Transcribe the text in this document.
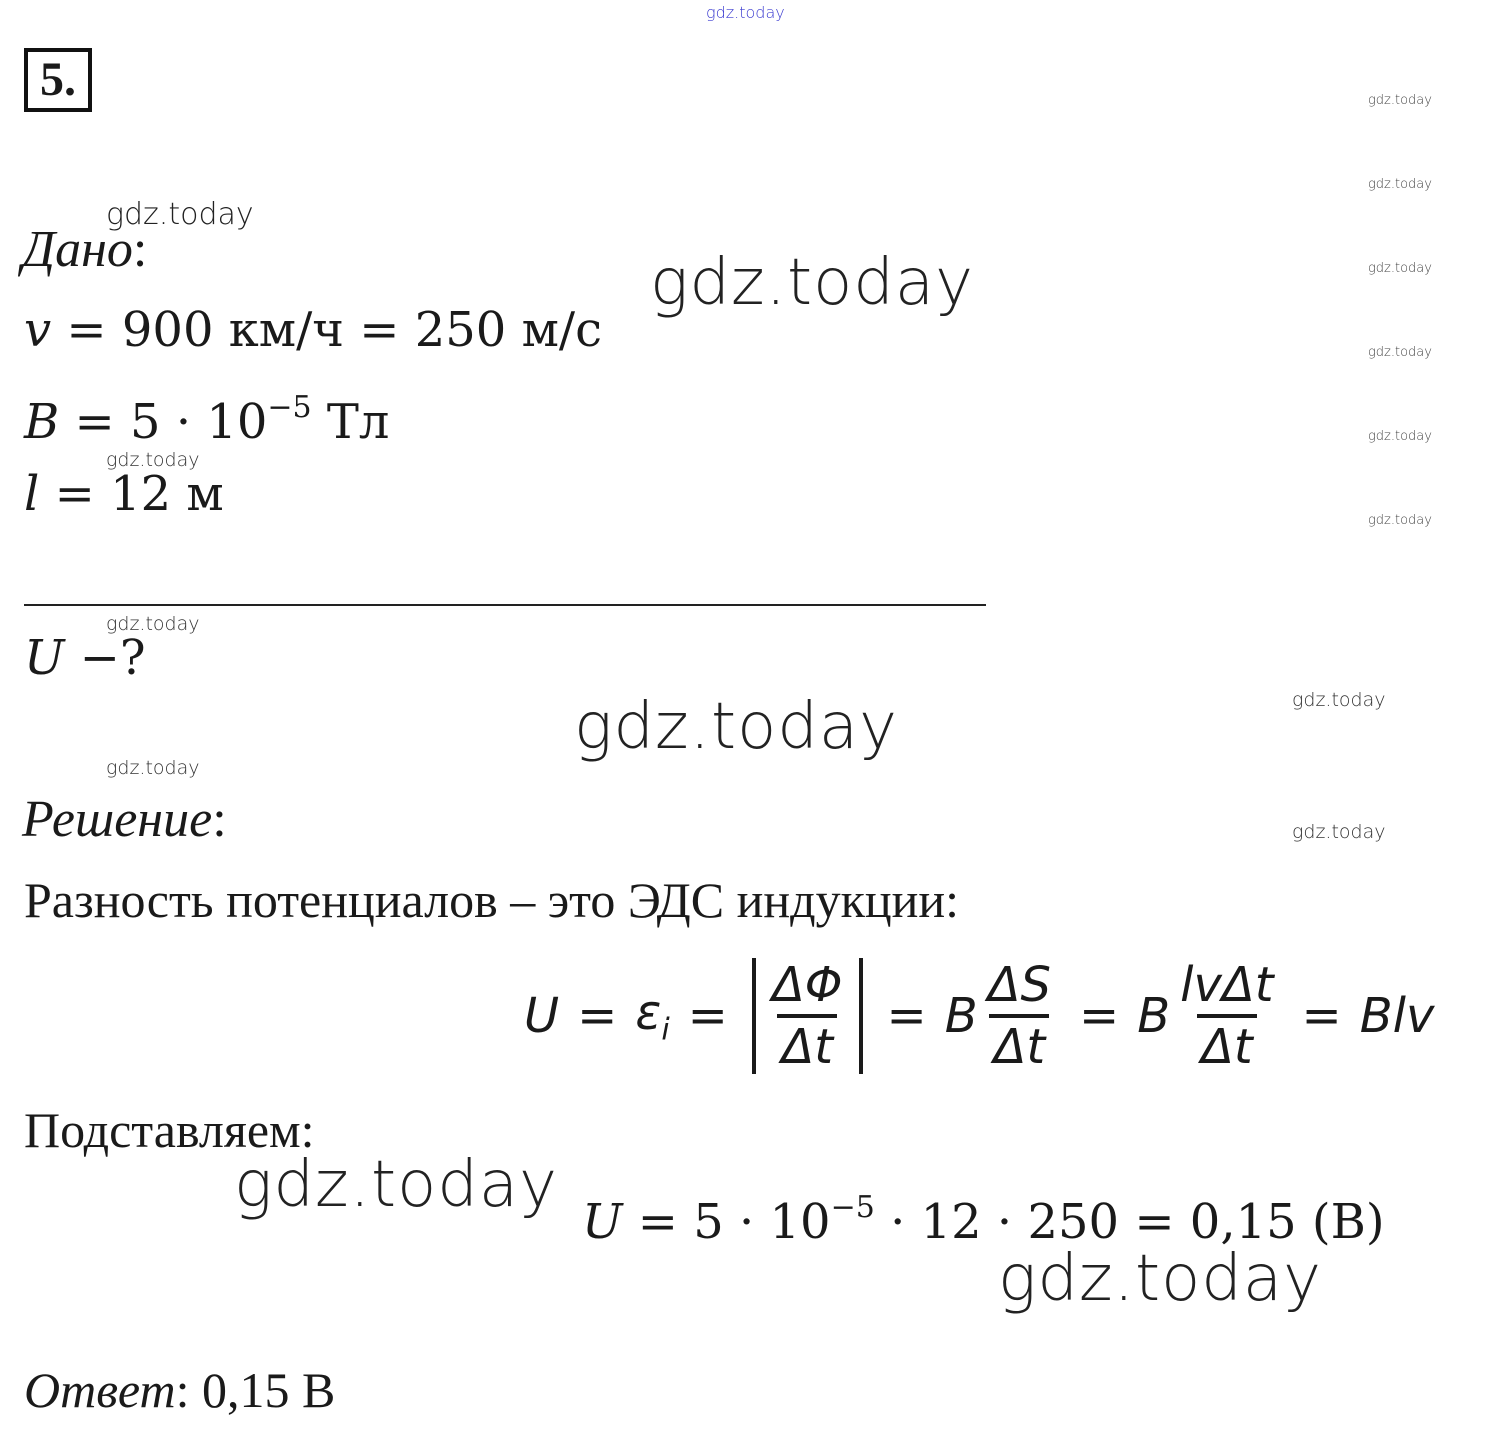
5.
Дано:
v = 900 км/ч = 250 м/с
$B = 5 \cdot 10^{-5}$ Тл
l = 12 м
U −?
Решение:
Разность потенциалов – это ЭДС индукции:
$U = \varepsilon_i = \frac{\Delta\Phi}{\Delta t} = B \frac{\Delta S}{\Delta t} = B \frac{\text{lvΔt}}{\Delta t}$ = Blv
Подставляем:
$U = 5 \cdot 10^{-5} \cdot 12 \cdot 250 = 0,15$ (В)
Ответ: 0,15 В
gdz.today
gdz.today
gdz.today
gdz.today
gdz.today
gdz.today
gdz.today
gdz.today
gdz.today
gdz.today
gdz.today
gdz.today
gdz.today
gdz.today
gdz.today
gdz.today
gdz.today
